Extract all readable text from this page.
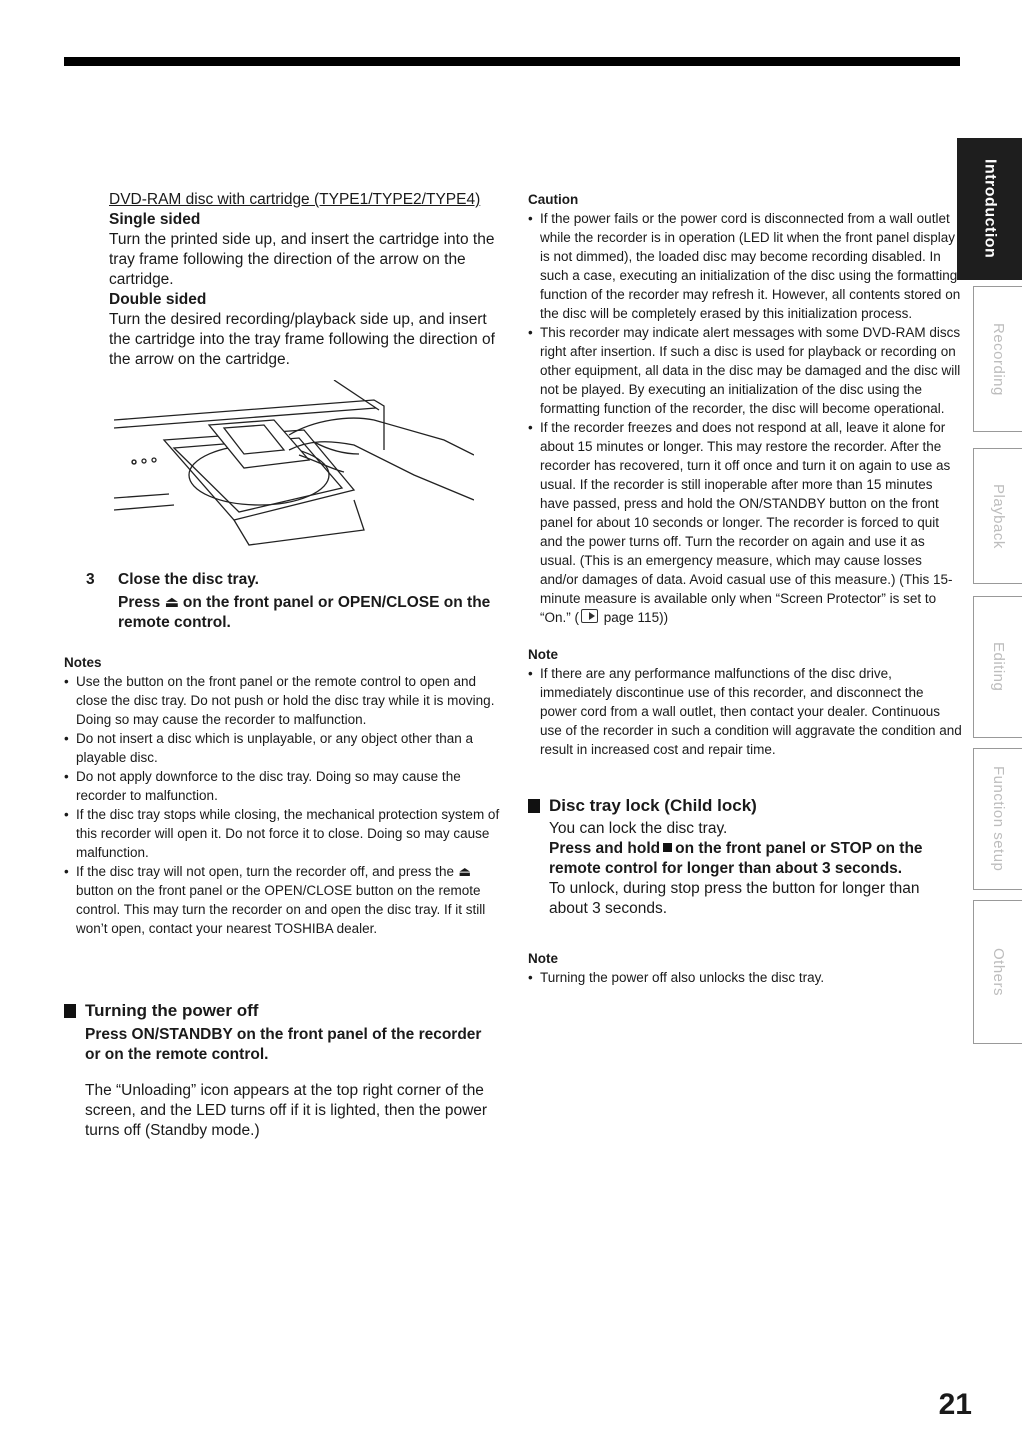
DVD-RAM disc with cartridge (TYPE1/TYPE2/TYPE4)
Single sided
Turn the printed side up, and insert the cartridge into the tray frame following the direction of the arrow on the cartridge.
Double sided
Turn the desired recording/playback side up, and insert the cartridge into the tray frame following the direction of the arrow on the cartridge.
3	Close the disc tray.
Press ⏏ on the front panel or OPEN/CLOSE on the remote control.
Notes
• Use the button on the front panel or the remote control to open and close the disc tray. Do not push or hold the disc tray while it is moving. Doing so may cause the recorder to malfunction.
• Do not insert a disc which is unplayable, or any object other than a playable disc.
• Do not apply downforce to the disc tray. Doing so may cause the recorder to malfunction.
• If the disc tray stops while closing, the mechanical protection system of this recorder will open it. Do not force it to close. Doing so may cause malfunction.
• If the disc tray will not open, turn the recorder off, and press the ⏏ button on the front panel or the OPEN/CLOSE button on the remote control. This may turn the recorder on and open the disc tray. If it still won’t open, contact your nearest TOSHIBA dealer.
Turning the power off
Press ON/STANDBY on the front panel of the recorder or on the remote control.
The “Unloading” icon appears at the top right corner of the screen, and the LED turns off if it is lighted, then the power turns off (Standby mode.)
Caution
• If the power fails or the power cord is disconnected from a wall outlet while the recorder is in operation (LED lit when the front panel display is not dimmed), the loaded disc may become recording disabled. In such a case, executing an initialization of the disc using the formatting function of the recorder may refresh it. However, all contents stored on the disc will be completely erased by this initialization process.
• This recorder may indicate alert messages with some DVD-RAM discs right after insertion. If such a disc is used for playback or recording on other equipment, all data in the disc may be damaged and the disc will not be played. By executing an initialization of the disc using the formatting function of the recorder, the disc will become operational.
• If the recorder freezes and does not respond at all, leave it alone for about 15 minutes or longer. This may restore the recorder. After the recorder has recovered, turn it off once and turn it on again to use as usual. If the recorder is still inoperable after more than 15 minutes have passed, press and hold the ON/STANDBY button on the front panel for about 10 seconds or longer. The recorder is forced to quit and the power turns off. Turn the recorder on again and use it as usual. (This is an emergency measure, which may cause losses and/or damages of data. Avoid casual use of this measure.) (This 15-minute measure is available only when “Screen Protector” is set to “On.” ( page 115))
Note
• If there are any performance malfunctions of the disc drive, immediately discontinue use of this recorder, and disconnect the power cord from a wall outlet, then contact your dealer. Continuous use of the recorder in such a condition will aggravate the condition and result in increased cost and repair time.
Disc tray lock (Child lock)
You can lock the disc tray.
Press and hold on the front panel or STOP on the remote control for longer than about 3 seconds.
To unlock, during stop press the button for longer than about 3 seconds.
Note
• Turning the power off also unlocks the disc tray.
Introduction
Recording
Playback
Editing
Function setup
Others
21
